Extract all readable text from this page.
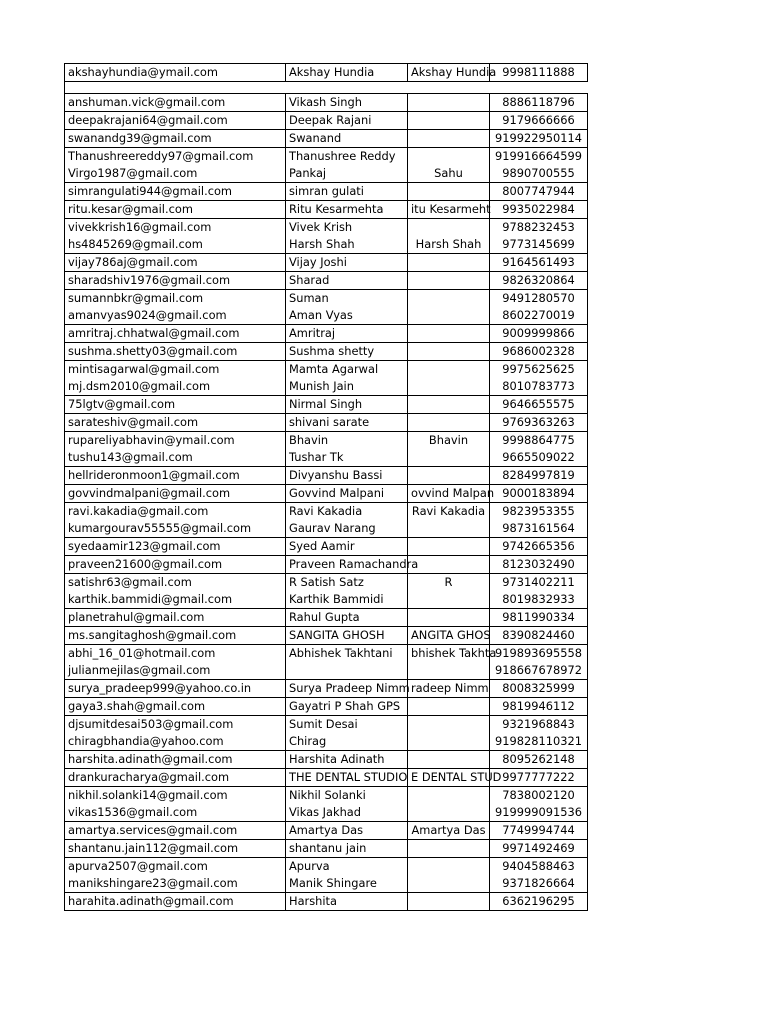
akshayhundia@ymail.com	Akshay Hundia	Akshay Hundia	9998111888

anshuman.vick@gmail.com	Vikash Singh		8886118796
deepakrajani64@gmail.com	Deepak Rajani		9179666666
swanandg39@gmail.com	Swanand		919922950114
Thanushreereddy97@gmail.com	Thanushree Reddy		919916664599
Virgo1987@gmail.com	Pankaj	Sahu	9890700555
simrangulati944@gmail.com	simran gulati		8007747944
ritu.kesar@gmail.com	Ritu Kesarmehta	itu Kesarmeht	9935022984
vivekkrish16@gmail.com	Vivek Krish		9788232453
hs4845269@gmail.com	Harsh Shah	Harsh Shah	9773145699
vijay786aj@gmail.com	Vijay Joshi		9164561493
sharadshiv1976@gmail.com	Sharad		9826320864
sumannbkr@gmail.com	Suman		9491280570
amanvyas9024@gmail.com	Aman Vyas		8602270019
amritraj.chhatwal@gmail.com	Amritraj		9009999866
sushma.shetty03@gmail.com	Sushma shetty		9686002328
mintisagarwal@gmail.com	Mamta Agarwal		9975625625
mj.dsm2010@gmail.com	Munish Jain		8010783773
75lgtv@gmail.com	Nirmal Singh		9646655575
sarateshiv@gmail.com	shivani sarate		9769363263
rupareliyabhavin@ymail.com	Bhavin	Bhavin	9998864775
tushu143@gmail.com	Tushar Tk		9665509022
hellrideronmoon1@gmail.com	Divyanshu Bassi		8284997819
govvindmalpani@gmail.com	Govvind Malpani	ovvind Malpan	9000183894
ravi.kakadia@gmail.com	Ravi Kakadia	Ravi Kakadia	9823953355
kumargourav55555@gmail.com	Gaurav Narang		9873161564
syedaamir123@gmail.com	Syed Aamir		9742665356
praveen21600@gmail.com	Praveen Ramachandra		8123032490
satishr63@gmail.com	R Satish Satz	R	9731402211
karthik.bammidi@gmail.com	Karthik Bammidi		8019832933
planetrahul@gmail.com	Rahul Gupta		9811990334
ms.sangitaghosh@gmail.com	SANGITA GHOSH	ANGITA GHOS	8390824460
abhi_16_01@hotmail.com	Abhishek Takhtani	bhishek Takhta	919893695558
julianmejilas@gmail.com			918667678972
surya_pradeep999@yahoo.co.in	Surya Pradeep Nimm	radeep Nimm	8008325999
gaya3.shah@gmail.com	Gayatri P Shah GPS		9819946112
djsumitdesai503@gmail.com	Sumit Desai		9321968843
chiragbhandia@yahoo.com	Chirag		919828110321
harshita.adinath@gmail.com	Harshita Adinath		8095262148
drankuracharya@gmail.com	THE DENTAL STUDIO	E DENTAL STUD	9977777222
nikhil.solanki14@gmail.com	Nikhil Solanki		7838002120
vikas1536@gmail.com	Vikas Jakhad		919999091536
amartya.services@gmail.com	Amartya Das	Amartya Das	7749994744
shantanu.jain112@gmail.com	shantanu jain		9971492469
apurva2507@gmail.com	Apurva		9404588463
manikshingare23@gmail.com	Manik Shingare		9371826664
harahita.adinath@gmail.com	Harshita		6362196295
